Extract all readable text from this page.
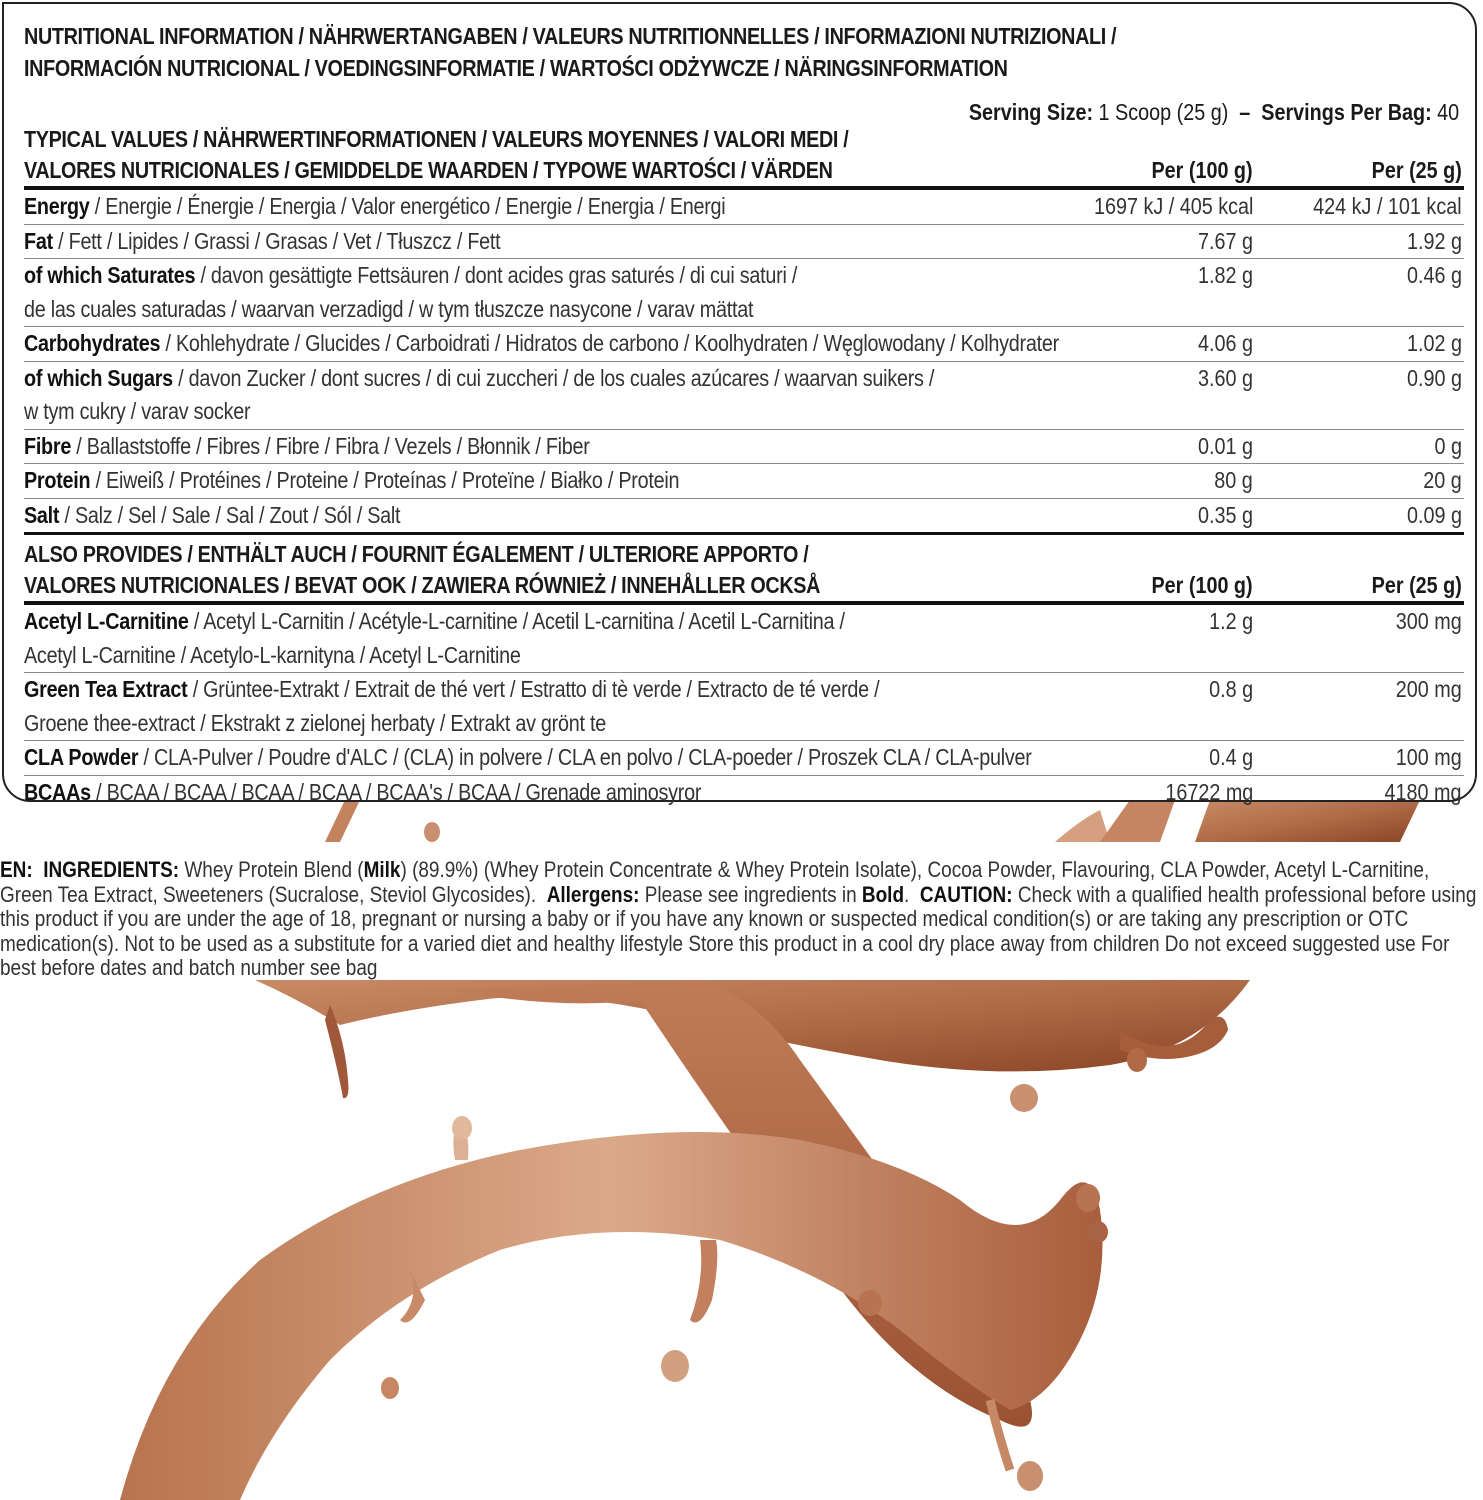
NUTRITIONAL INFORMATION / NÄHRWERTANGABEN / VALEURS NUTRITIONNELLES / INFORMAZIONI NUTRIZIONALI /
INFORMACIÓN NUTRICIONAL / VOEDINGSINFORMATIE / WARTOŚCI ODŻYWCZE / NÄRINGSINFORMATION
Serving Size: 1 Scoop (25 g) – Servings Per Bag: 40
TYPICAL VALUES / NÄHRWERTINFORMATIONEN / VALEURS MOYENNES / VALORI MEDI /
VALORES NUTRICIONALES / GEMIDDELDE WAARDEN / TYPOWE WARTOŚCI / VÄRDEN	Per (100 g)	Per (25 g)
Energy / Energie / Énergie / Energia / Valor energético / Energie / Energia / Energi	1697 kJ / 405 kcal	424 kJ / 101 kcal
Fat / Fett / Lipides / Grassi / Grasas / Vet / Tłuszcz / Fett	7.67 g	1.92 g
of which Saturates / davon gesättigte Fettsäuren / dont acides gras saturés / di cui saturi /
de las cuales saturadas / waarvan verzadigd / w tym tłuszcze nasycone / varav mättat
1.82 g	0.46 g
Carbohydrates / Kohlehydrate / Glucides / Carboidrati / Hidratos de carbono / Koolhydraten / Węglowodany / Kolhydrater	4.06 g	1.02 g
of which Sugars / davon Zucker / dont sucres / di cui zuccheri / de los cuales azúcares / waarvan suikers /
w tym cukry / varav socker
3.60 g	0.90 g
Fibre / Ballaststoffe / Fibres / Fibre / Fibra / Vezels / Błonnik / Fiber	0.01 g	0 g
Protein / Eiweiß / Protéines / Proteine / Proteínas / Proteïne / Białko / Protein	80 g	20 g
Salt / Salz / Sel / Sale / Sal / Zout / Sól / Salt	0.35 g	0.09 g
ALSO PROVIDES / ENTHÄLT AUCH / FOURNIT ÉGALEMENT / ULTERIORE APPORTO /
VALORES NUTRICIONALES / BEVAT OOK / ZAWIERA RÓWNIEŻ / INNEHÅLLER OCKSÅ	Per (100 g)	Per (25 g)
Acetyl L-Carnitine / Acetyl L-Carnitin / Acétyle-L-carnitine / Acetil L-carnitina / Acetil L-Carnitina /
Acetyl L-Carnitine / Acetylo-L-karnityna / Acetyl L-Carnitine
1.2 g	300 mg
Green Tea Extract / Grüntee-Extrakt / Extrait de thé vert / Estratto di tè verde / Extracto de té verde /
Groene thee-extract / Ekstrakt z zielonej herbaty / Extrakt av grönt te
0.8 g	200 mg
CLA Powder / CLA-Pulver / Poudre d'ALC / (CLA) in polvere / CLA en polvo / CLA-poeder / Proszek CLA / CLA-pulver	0.4 g	100 mg
BCAAs / BCAA / BCAA / BCAA / BCAA / BCAA's / BCAA / Grenade aminosyror	16722 mg	4180 mg
EN: INGREDIENTS: Whey Protein Blend (Milk) (89.9%) (Whey Protein Concentrate & Whey Protein Isolate), Cocoa Powder, Flavouring, CLA Powder, Acetyl L-Carnitine, Green Tea Extract, Sweeteners (Sucralose, Steviol Glycosides). Allergens: Please see ingredients in Bold.  CAUTION: Check with a qualified health professional before using this product if you are under the age of 18, pregnant or nursing a baby or if you have any known or suspected medical condition(s) or are taking any prescription or OTC medication(s). Not to be used as a substitute for a varied diet and healthy lifestyle Store this product in a cool dry place away from children Do not exceed suggested use For best before dates and batch number see bag
